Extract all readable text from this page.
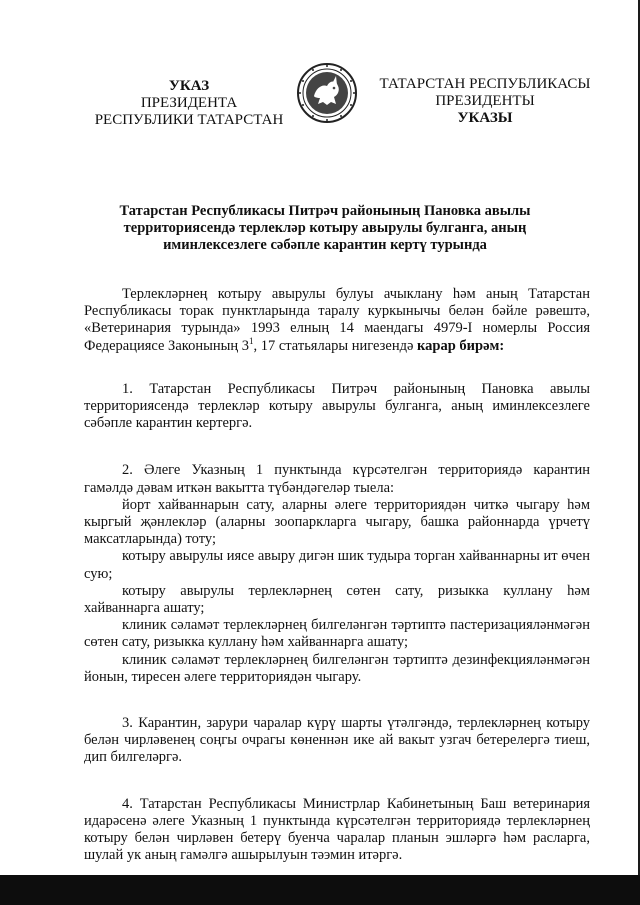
УКАЗ
ПРЕЗИДЕНТА
РЕСПУБЛИКИ ТАТАРСТАН
ТАТАРСТАН РЕСПУБЛИКАСЫ
ПРЕЗИДЕНТЫ
УКАЗЫ
Татарстан Республикасы Питрәч районының Пановка авылы
территориясендә терлекләр котыру авырулы булганга, аның
иминлексезлеге сәбәпле карантин кертү турында

Терлекләрнең котыру авырулы булуы ачыклану һәм аның Татарстан Республикасы торак пунктларында таралу куркынычы белән бәйле рәвештә, «Ветеринария турында» 1993 елның 14 маендагы 4979-I номерлы Россия Федерациясе Законының $3^1$, 17 статьялары нигезендә карар бирәм:

1. Татарстан Республикасы Питрәч районының Пановка авылы территориясендә терлекләр котыру авырулы булганга, аның иминлексезлеге сәбәпле карантин кертергә.

2. Әлеге Указның 1 пунктында күрсәтелгән территориядә карантин гамәлдә дәвам иткән вакытта түбәндәгеләр тыела:

йорт хайваннарын сату, аларны әлеге территориядән читкә чыгару һәм кыргый җәнлекләр (аларны зоопаркларга чыгару, башка районнарда үрчетү максатларында) тоту;

котыру авырулы иясе авыру дигән шик тудыра торган хайваннарны ит өчен сую;

котыру авырулы терлекләрнең сөтен сату, ризыкка куллану һәм хайваннарга ашату;

клиник сәламәт терлекләрнең билгеләнгән тәртиптә пастеризацияләнмәгән сөтен сату, ризыкка куллану һәм хайваннарга ашату;

клиник сәламәт терлекләрнең билгеләнгән тәртиптә дезинфекцияләнмәгән йонын, тиресен әлеге территориядән чыгару.

3. Карантин, зарури чаралар күрү шарты үтәлгәндә, терлекләрнең котыру белән чирләвенең соңгы очрагы көненнән ике ай вакыт узгач бетерелергә тиеш, дип билгеләргә.

4. Татарстан Республикасы Министрлар Кабинетының Баш ветеринария идарәсенә әлеге Указның 1 пунктында күрсәтелгән территориядә терлекләрнең котыру белән чирләвен бетерү буенча чаралар планын эшләргә һәм расларга, шулай ук аның гамәлгә ашырылуын тәэмин итәргә.
